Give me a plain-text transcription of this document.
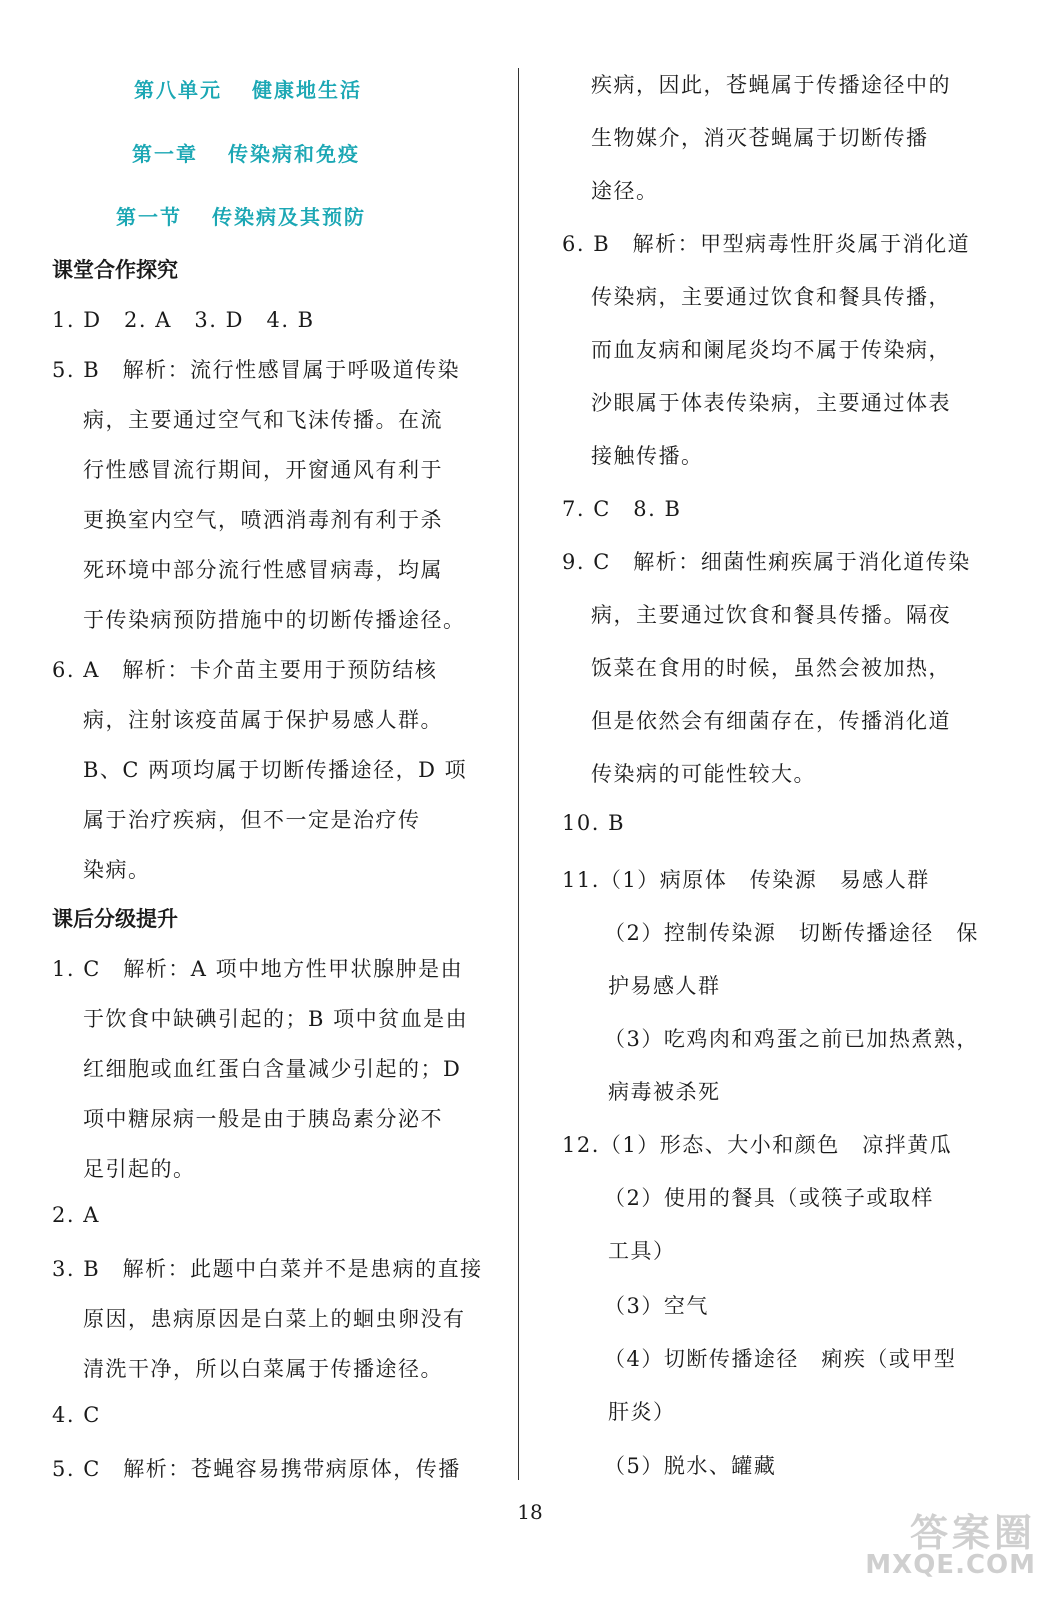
第八单元 健康地生活
第一章 传染病和免疫
第一节 传染病及其预防
课堂合作探究
1. D　2. A　3. D　4. B
5. B　解析：流行性感冒属于呼吸道传染
病，主要通过空气和飞沫传播。在流
行性感冒流行期间，开窗通风有利于
更换室内空气，喷洒消毒剂有利于杀
死环境中部分流行性感冒病毒，均属
于传染病预防措施中的切断传播途径。
6. A　解析：卡介苗主要用于预防结核
病，注射该疫苗属于保护易感人群。
B、C 两项均属于切断传播途径，D 项
属于治疗疾病，但不一定是治疗传
染病。
课后分级提升
1. C　解析：A 项中地方性甲状腺肿是由
于饮食中缺碘引起的；B 项中贫血是由
红细胞或血红蛋白含量减少引起的；D
项中糖尿病一般是由于胰岛素分泌不
足引起的。
2. A
3. B　解析：此题中白菜并不是患病的直接
原因，患病原因是白菜上的蛔虫卵没有
清洗干净，所以白菜属于传播途径。
4. C
5. C　解析：苍蝇容易携带病原体，传播
疾病，因此，苍蝇属于传播途径中的
生物媒介，消灭苍蝇属于切断传播
途径。
6. B　解析：甲型病毒性肝炎属于消化道
传染病，主要通过饮食和餐具传播，
而血友病和阑尾炎均不属于传染病，
沙眼属于体表传染病，主要通过体表
接触传播。
7. C　8. B
9. C　解析：细菌性痢疾属于消化道传染
病，主要通过饮食和餐具传播。隔夜
饭菜在食用的时候，虽然会被加热，
但是依然会有细菌存在，传播消化道
传染病的可能性较大。
10. B
11.（1）病原体　传染源　易感人群
（2）控制传染源　切断传播途径　保
护易感人群
（3）吃鸡肉和鸡蛋之前已加热煮熟，
病毒被杀死
12.（1）形态、大小和颜色　凉拌黄瓜
（2）使用的餐具（或筷子或取样
工具）
（3）空气
（4）切断传播途径　痢疾（或甲型
肝炎）
（5）脱水、罐藏
18	答案圈
MXQE.COM
